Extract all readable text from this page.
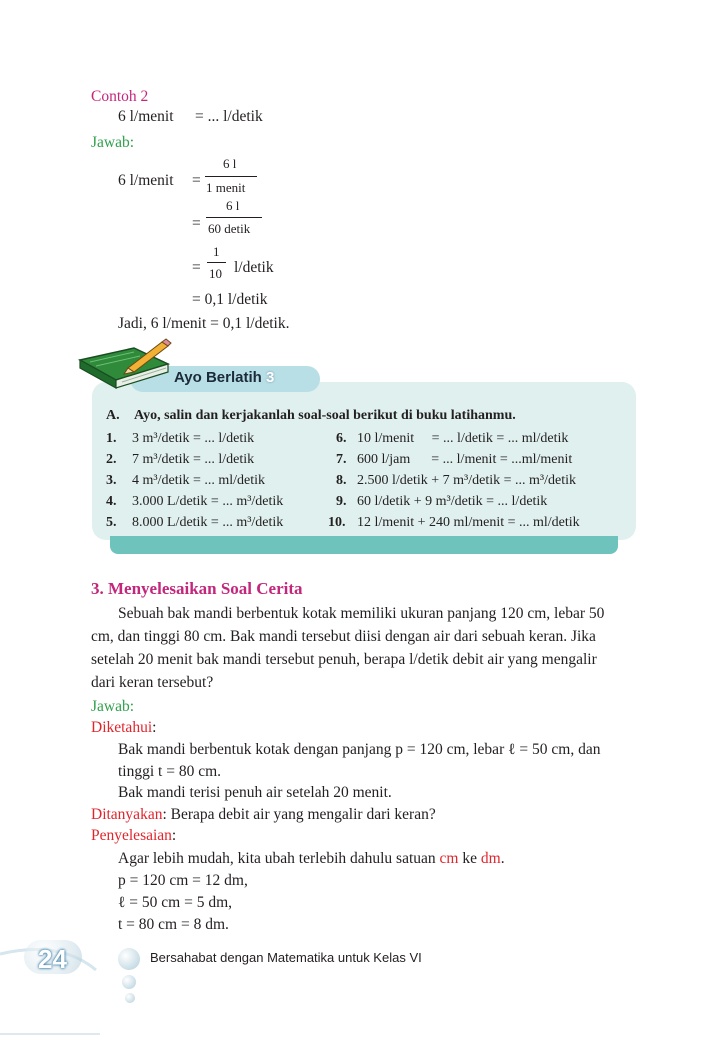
Contoh 2
6 l/menit = ... l/detik
Jawab:
6 l/menit =
6 l
1 menit
=
6 l
60 detik
=
1
10 l/detik
= 0,1 l/detik
Jadi, 6 l/menit = 0,1 l/detik.
Ayo Berlatih 3
A. Ayo, salin dan kerjakanlah soal-soal berikut di buku latihanmu.
1. 3 m³/detik = ... l/detik
2. 7 m³/detik = ... l/detik
3. 4 m³/detik = ... ml/detik
4. 3.000 L/detik = ... m³/detik
5. 8.000 L/detik = ... m³/detik
6. 10 l/menit     = ... l/detik = ... ml/detik
7. 600 l/jam      = ... l/menit = ...ml/menit
8. 2.500 l/detik + 7 m³/detik = ... m³/detik
9. 60 l/detik + 9 m³/detik = ... l/detik
10. 12 l/menit + 240 ml/menit = ... ml/detik
3. Menyelesaikan Soal Cerita
Sebuah bak mandi berbentuk kotak memiliki ukuran panjang 120 cm, lebar 50
cm, dan tinggi 80 cm. Bak mandi tersebut diisi dengan air dari sebuah keran. Jika
setelah 20 menit bak mandi tersebut penuh, berapa l/detik debit air yang mengalir
dari keran tersebut?
Jawab:
Diketahui:
Bak mandi berbentuk kotak dengan panjang p = 120 cm, lebar ℓ = 50 cm, dan
tinggi t = 80 cm.
Bak mandi terisi penuh air setelah 20 menit.
Ditanyakan: Berapa debit air yang mengalir dari keran?
Penyelesaian:
Agar lebih mudah, kita ubah terlebih dahulu satuan cm ke dm.
p = 120 cm = 12 dm,
ℓ = 50 cm = 5 dm,
t = 80 cm = 8 dm.
24	Bersahabat dengan Matematika untuk Kelas VI
